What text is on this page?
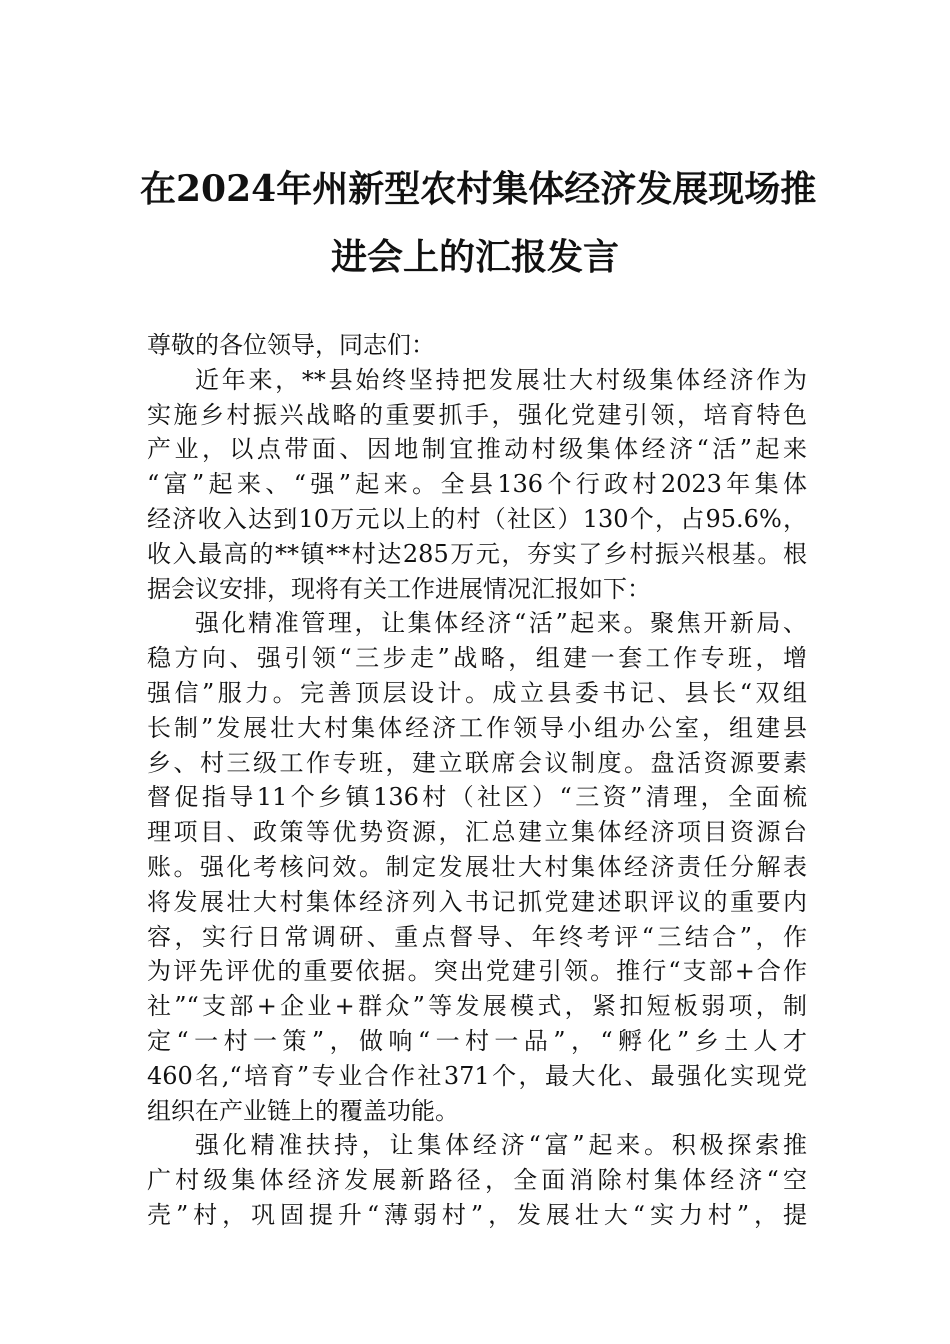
在2024年州新型农村集体经济发展现场推
进会上的汇报发言
尊敬的各位领导，同志们：
近年来，**县始终坚持把发展壮大村级集体经济作为
实施乡村振兴战略的重要抓手，强化党建引领，培育特色
产业，以点带面、因地制宜推动村级集体经济“活”起来
“富”起来、“强”起来。全县136个行政村2023年集体
经济收入达到10万元以上的村（社区）130个，占95.6%，
收入最高的**镇**村达285万元，夯实了乡村振兴根基。根
据会议安排，现将有关工作进展情况汇报如下：
强化精准管理，让集体经济“活”起来。聚焦开新局、
稳方向、强引领“三步走”战略，组建一套工作专班，增
强信”服力。完善顶层设计。成立县委书记、县长“双组
长制”发展壮大村集体经济工作领导小组办公室，组建县
乡、村三级工作专班，建立联席会议制度。盘活资源要素
督促指导11个乡镇136村（社区）“三资”清理，全面梳
理项目、政策等优势资源，汇总建立集体经济项目资源台
账。强化考核问效。制定发展壮大村集体经济责任分解表
将发展壮大村集体经济列入书记抓党建述职评议的重要内
容，实行日常调研、重点督导、年终考评“三结合”，作
为评先评优的重要依据。突出党建引领。推行“支部+合作
社”“支部+企业+群众”等发展模式，紧扣短板弱项，制
定“一村一策”，做响“一村一品”，“孵化”乡土人才
460名,“培育”专业合作社371个，最大化、最强化实现党
组织在产业链上的覆盖功能。
强化精准扶持，让集体经济“富”起来。积极探索推
广村级集体经济发展新路径，全面消除村集体经济“空
壳”村，巩固提升“薄弱村”，发展壮大“实力村”，提
